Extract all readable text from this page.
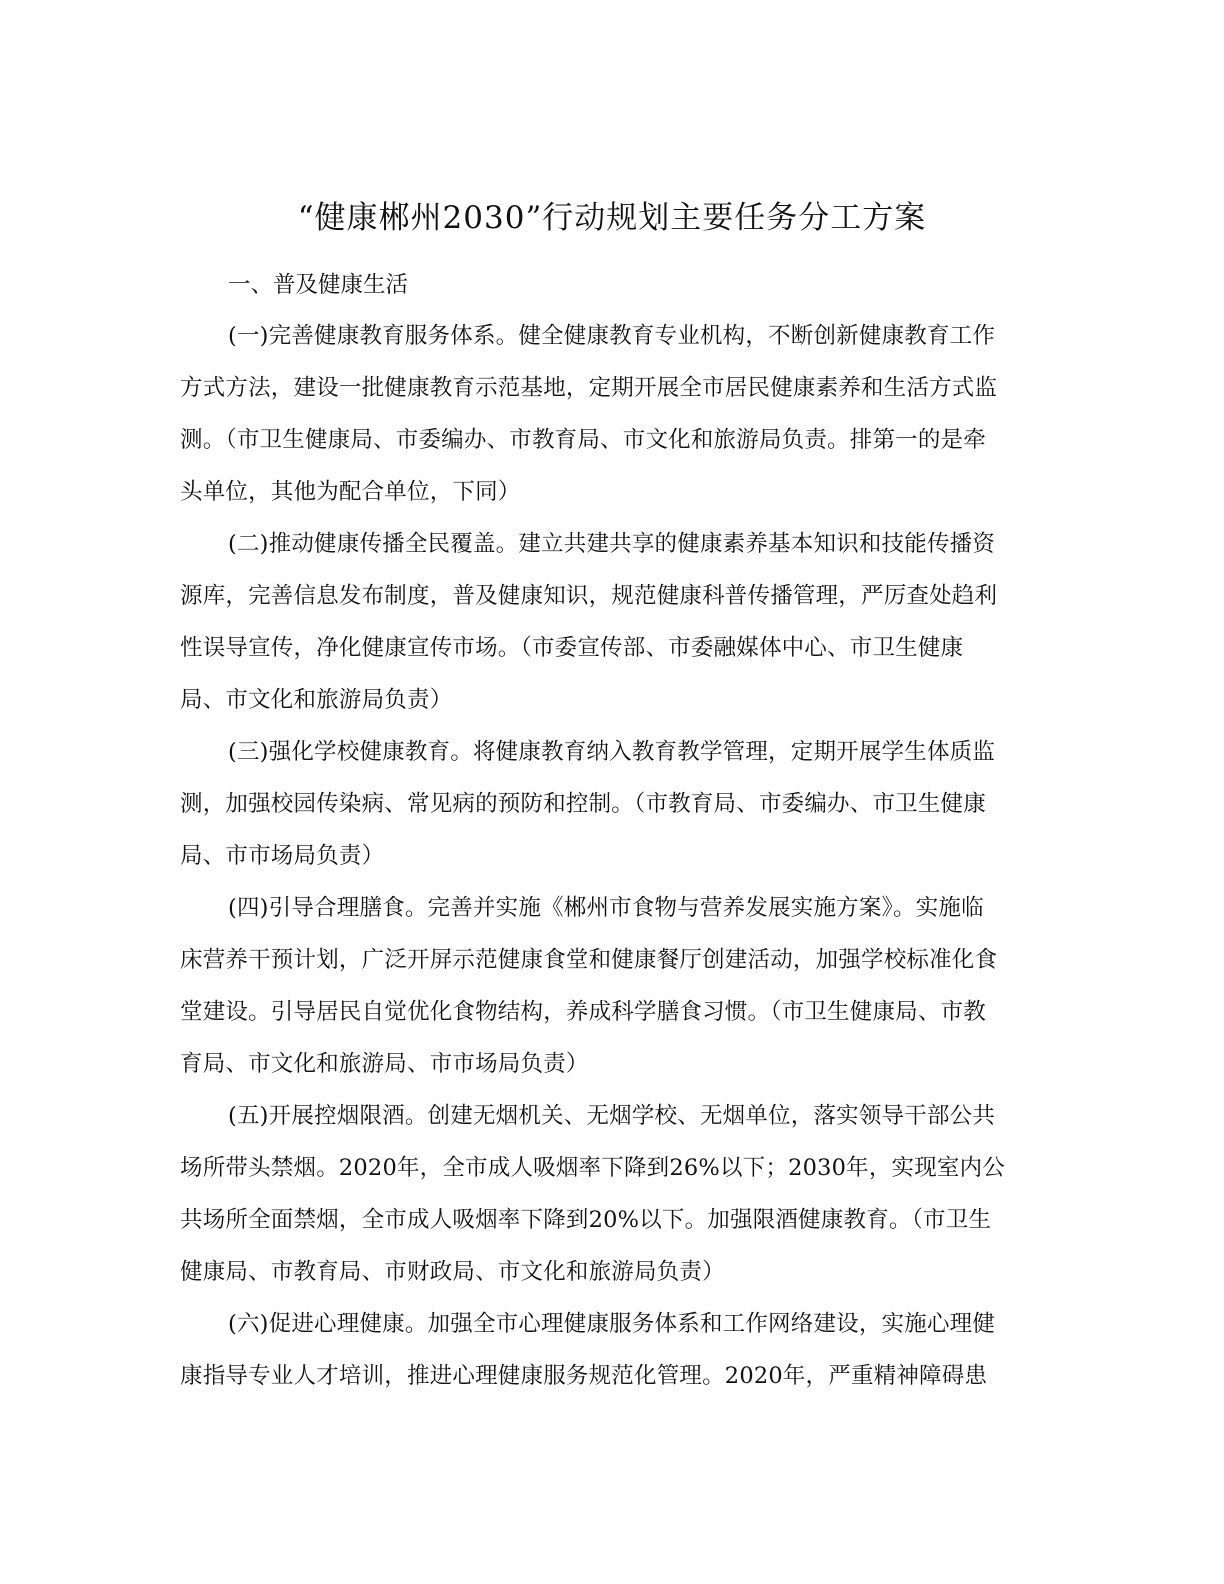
“健康郴州2030”行动规划主要任务分工方案
一、普及健康生活
(一)完善健康教育服务体系。健全健康教育专业机构，不断创新健康教育工作
方式方法，建设一批健康教育示范基地，定期开展全市居民健康素养和生活方式监
测。（市卫生健康局、市委编办、市教育局、市文化和旅游局负责。排第一的是牵
头单位，其他为配合单位，下同）
(二)推动健康传播全民覆盖。建立共建共享的健康素养基本知识和技能传播资
源库，完善信息发布制度，普及健康知识，规范健康科普传播管理，严厉查处趋利
性误导宣传，净化健康宣传市场。（市委宣传部、市委融媒体中心、市卫生健康
局、市文化和旅游局负责）
(三)强化学校健康教育。将健康教育纳入教育教学管理，定期开展学生体质监
测，加强校园传染病、常见病的预防和控制。（市教育局、市委编办、市卫生健康
局、市市场局负责）
(四)引导合理膳食。完善并实施《郴州市食物与营养发展实施方案》。实施临
床营养干预计划，广泛开屏示范健康食堂和健康餐厅创建活动，加强学校标准化食
堂建设。引导居民自觉优化食物结构，养成科学膳食习惯。（市卫生健康局、市教
育局、市文化和旅游局、市市场局负责）
(五)开展控烟限酒。创建无烟机关、无烟学校、无烟单位，落实领导干部公共
场所带头禁烟。2020年，全市成人吸烟率下降到26%以下；2030年，实现室内公
共场所全面禁烟，全市成人吸烟率下降到20%以下。加强限酒健康教育。（市卫生
健康局、市教育局、市财政局、市文化和旅游局负责）
(六)促进心理健康。加强全市心理健康服务体系和工作网络建设，实施心理健
康指导专业人才培训，推进心理健康服务规范化管理。2020年，严重精神障碍患
